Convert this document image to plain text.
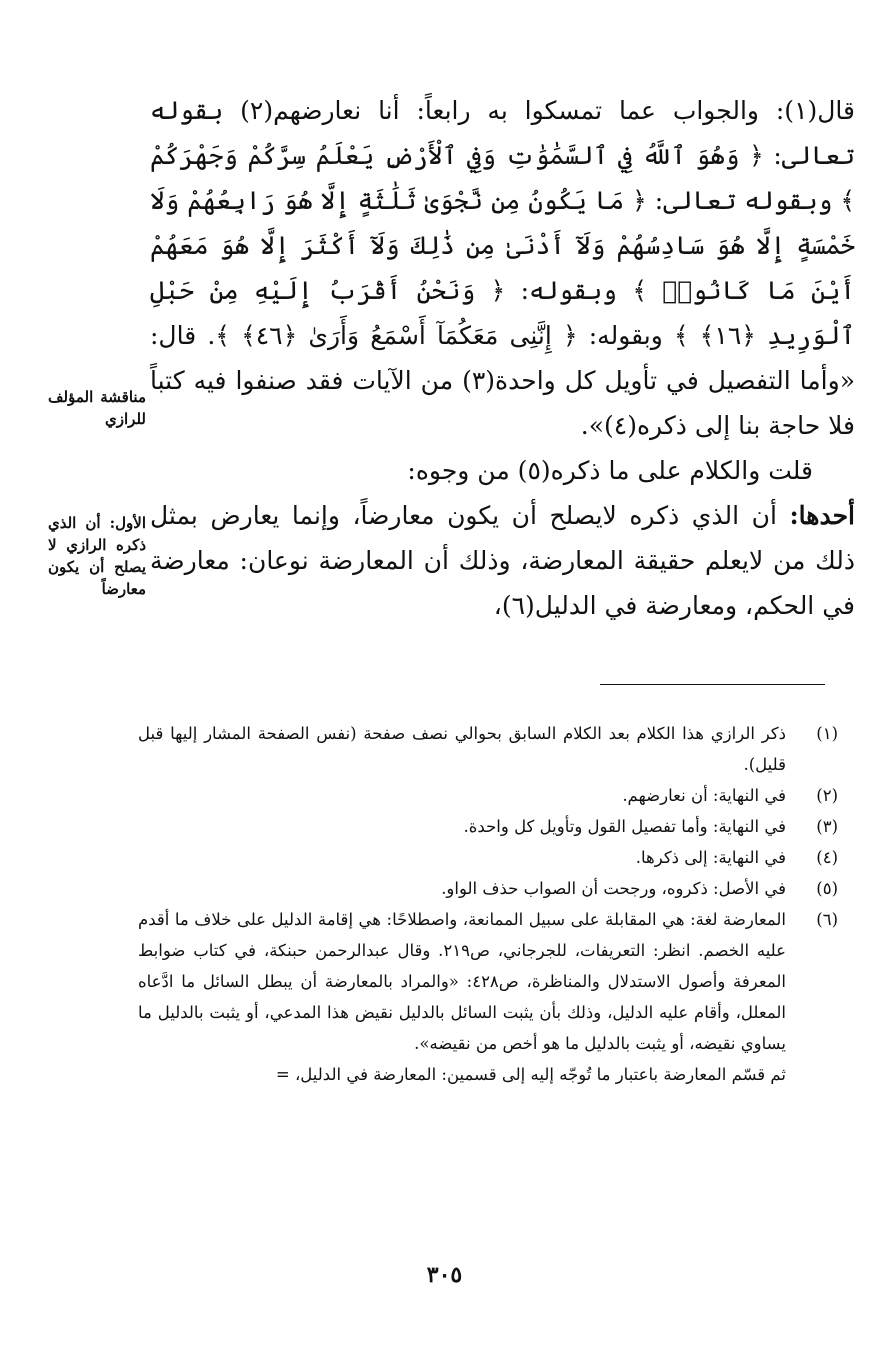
قال(١): والجواب عما تمسكوا به رابعاً: أنا نعارضهم(٢) بقوله تعالى: ﴿ وَهُوَ ٱللَّهُ فِي ٱلسَّمَٰوَٰتِ وَفِي ٱلْأَرْضِ يَعْلَمُ سِرَّكُمْ وَجَهْرَكُمْ ﴾ وبقوله تعالى: ﴿ مَا يَكُونُ مِن نَّجْوَىٰ ثَلَٰثَةٍ إِلَّا هُوَ رَابِعُهُمْ وَلَا خَمْسَةٍ إِلَّا هُوَ سَادِسُهُمْ وَلَآ أَدْنَىٰ مِن ذَٰلِكَ وَلَآ أَكْثَرَ إِلَّا هُوَ مَعَهُمْ أَيْنَ مَا كَانُوا۟ ﴾ وبقوله: ﴿ وَنَحْنُ أَقْرَبُ إِلَيْهِ مِنْ حَبْلِ ٱلْوَرِيدِ ﴿١٦﴾ ﴾ وبقوله: ﴿ إِنَّنِى مَعَكُمَآ أَسْمَعُ وَأَرَىٰ ﴿٤٦﴾ ﴾. قال: «وأما التفصيل في تأويل كل واحدة(٣) من الآيات فقد صنفوا فيه كتباً فلا حاجة بنا إلى ذكره(٤)».

قلت والكلام على ما ذكره(٥) من وجوه:

أحدها: أن الذي ذكره لايصلح أن يكون معارضاً، وإنما يعارض بمثل ذلك من لايعلم حقيقة المعارضة، وذلك أن المعارضة نوعان: معارضة في الحكم، ومعارضة في الدليل(٦)،

مناقشة المؤلف للرازي
الأول: أن الذي ذكره الرازي لا يصلح أن يكون معارضاً
(١)
ذكر الرازي هذا الكلام بعد الكلام السابق بحوالي نصف صفحة (نفس الصفحة المشار إليها قبل قليل).
(٢)
في النهاية: أن نعارضهم.
(٣)
في النهاية: وأما تفصيل القول وتأويل كل واحدة.
(٤)
في النهاية: إلى ذكرها.
(٥)
في الأصل: ذكروه، ورجحت أن الصواب حذف الواو.
(٦)
المعارضة لغة: هي المقابلة على سبيل الممانعة، واصطلاحًا: هي إقامة الدليل على خلاف ما أقدم عليه الخصم. انظر: التعريفات، للجرجاني، ص٢١٩. وقال عبدالرحمن حبنكة، في كتاب ضوابط المعرفة وأصول الاستدلال والمناظرة، ص٤٢٨: «والمراد بالمعارضة أن يبطل السائل ما ادَّعاه المعلل، وأقام عليه الدليل، وذلك بأن يثبت السائل بالدليل نقيض هذا المدعي، أو يثبت بالدليل ما يساوي نقيضه، أو يثبت بالدليل ما هو أخص من نقيضه».
ثم قسّم المعارضة باعتبار ما تُوجّه إليه إلى قسمين: المعارضة في الدليل، =
٣٠٥
